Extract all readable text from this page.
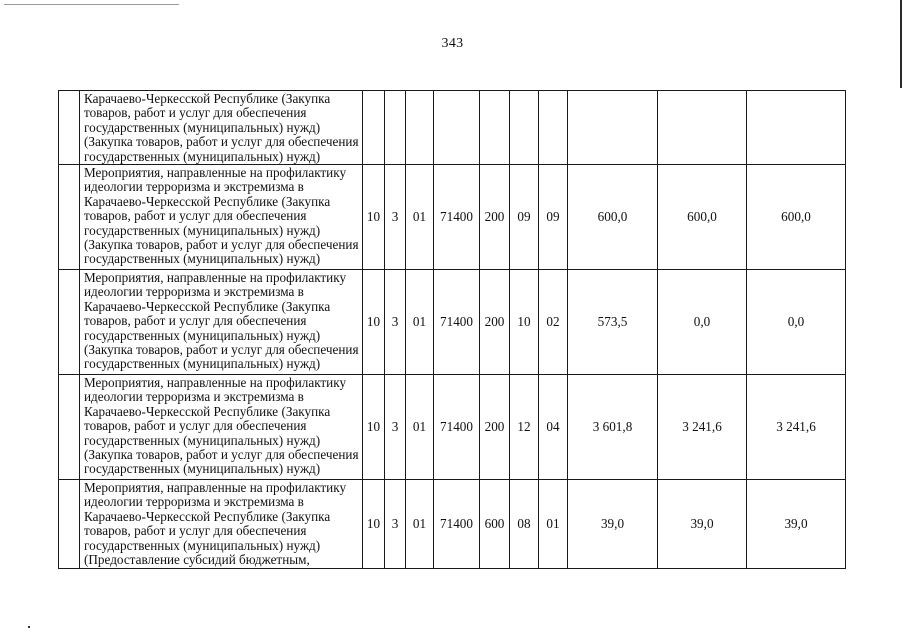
343

	Карачаево-Черкесской Республике (Закупка товаров, работ и услуг для обеспечения государственных (муниципальных) нужд) (Закупка товаров, работ и услуг для обеспечения государственных (муниципальных) нужд)										

	Мероприятия, направленные на профилактику идеологии терроризма и экстремизма в Карачаево-Черкесской Республике (Закупка товаров, работ и услуг для обеспечения государственных (муниципальных) нужд) (Закупка товаров, работ и услуг для обеспечения государственных (муниципальных) нужд)	10	3	01	71400	200	09	09	600,0	600,0	600,0

	Мероприятия, направленные на профилактику идеологии терроризма и экстремизма в Карачаево-Черкесской Республике (Закупка товаров, работ и услуг для обеспечения государственных (муниципальных) нужд) (Закупка товаров, работ и услуг для обеспечения государственных (муниципальных) нужд)	10	3	01	71400	200	10	02	573,5	0,0	0,0

	Мероприятия, направленные на профилактику идеологии терроризма и экстремизма в Карачаево-Черкесской Республике (Закупка товаров, работ и услуг для обеспечения государственных (муниципальных) нужд) (Закупка товаров, работ и услуг для обеспечения государственных (муниципальных) нужд)	10	3	01	71400	200	12	04	3 601,8	3 241,6	3 241,6

	Мероприятия, направленные на профилактику идеологии терроризма и экстремизма в Карачаево-Черкесской Республике (Закупка товаров, работ и услуг для обеспечения государственных (муниципальных) нужд) (Предоставление субсидий бюджетным,	10	3	01	71400	600	08	01	39,0	39,0	39,0
